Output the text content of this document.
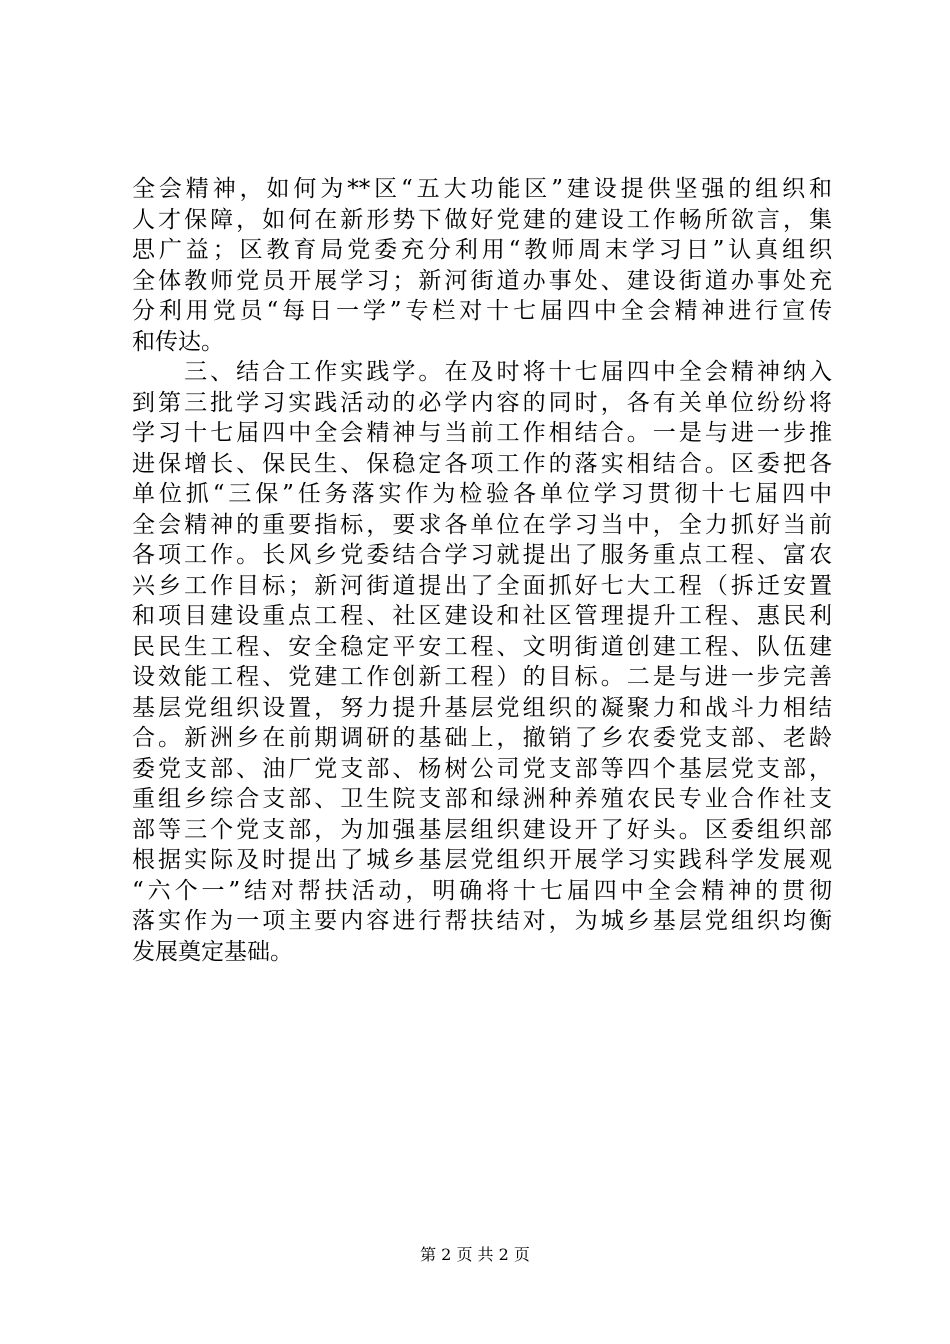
全会精神，如何为**区“五大功能区”建设提供坚强的组织和
人才保障，如何在新形势下做好党建的建设工作畅所欲言，集
思广益；区教育局党委充分利用“教师周末学习日”认真组织
全体教师党员开展学习；新河街道办事处、建设街道办事处充
分利用党员“每日一学”专栏对十七届四中全会精神进行宣传
和传达。
　　三、结合工作实践学。在及时将十七届四中全会精神纳入
到第三批学习实践活动的必学内容的同时，各有关单位纷纷将
学习十七届四中全会精神与当前工作相结合。一是与进一步推
进保增长、保民生、保稳定各项工作的落实相结合。区委把各
单位抓“三保”任务落实作为检验各单位学习贯彻十七届四中
全会精神的重要指标，要求各单位在学习当中，全力抓好当前
各项工作。长风乡党委结合学习就提出了服务重点工程、富农
兴乡工作目标；新河街道提出了全面抓好七大工程（拆迁安置
和项目建设重点工程、社区建设和社区管理提升工程、惠民利
民民生工程、安全稳定平安工程、文明街道创建工程、队伍建
设效能工程、党建工作创新工程）的目标。二是与进一步完善
基层党组织设置，努力提升基层党组织的凝聚力和战斗力相结
合。新洲乡在前期调研的基础上，撤销了乡农委党支部、老龄
委党支部、油厂党支部、杨树公司党支部等四个基层党支部，
重组乡综合支部、卫生院支部和绿洲种养殖农民专业合作社支
部等三个党支部，为加强基层组织建设开了好头。区委组织部
根据实际及时提出了城乡基层党组织开展学习实践科学发展观
“六个一”结对帮扶活动，明确将十七届四中全会精神的贯彻
落实作为一项主要内容进行帮扶结对，为城乡基层党组织均衡
发展奠定基础。
第 2 页 共 2 页
